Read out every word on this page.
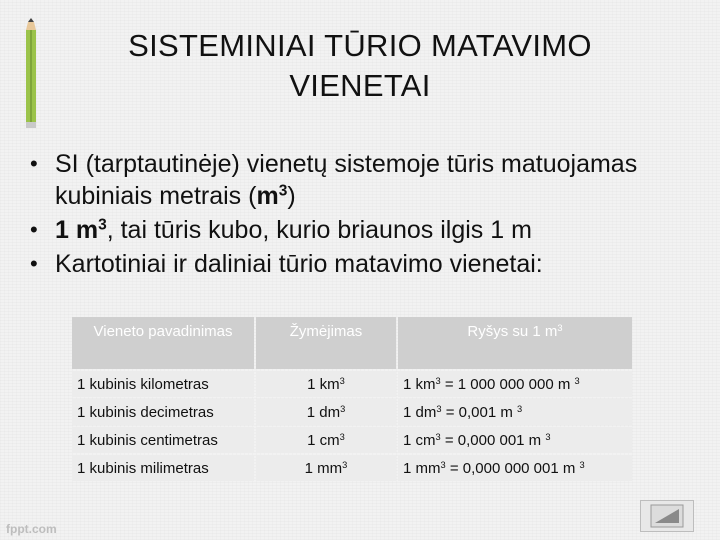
SISTEMINIAI TŪRIO MATAVIMO
VIENETAI
• SI (tarptautinėje) vienetų sistemoje tūris matuojamas kubiniais metrais $(m^3)$
• 1 $m^3$, tai tūris kubo, kurio briaunos ilgis 1 m
• Kartotiniai ir daliniai tūrio matavimo vienetai:
Vieneto pavadinimas	Žymėjimas	Ryšys su 1 $m^3$
1 kubinis kilometras	1 $km^3$	1 $km^3 = 1$ 000 000 000 m $^3$
1 kubinis decimetras	1 $dm^3$	1 $dm^3 = 0,001$ m $^3$
1 kubinis centimetras	1 $cm^3$	1 $cm^3 = 0,000$ 001 m $^3$
1 kubinis milimetras	1 $mm^3$	1 $mm^3 = 0,000$ 000 001 m $^3$
fppt.com
